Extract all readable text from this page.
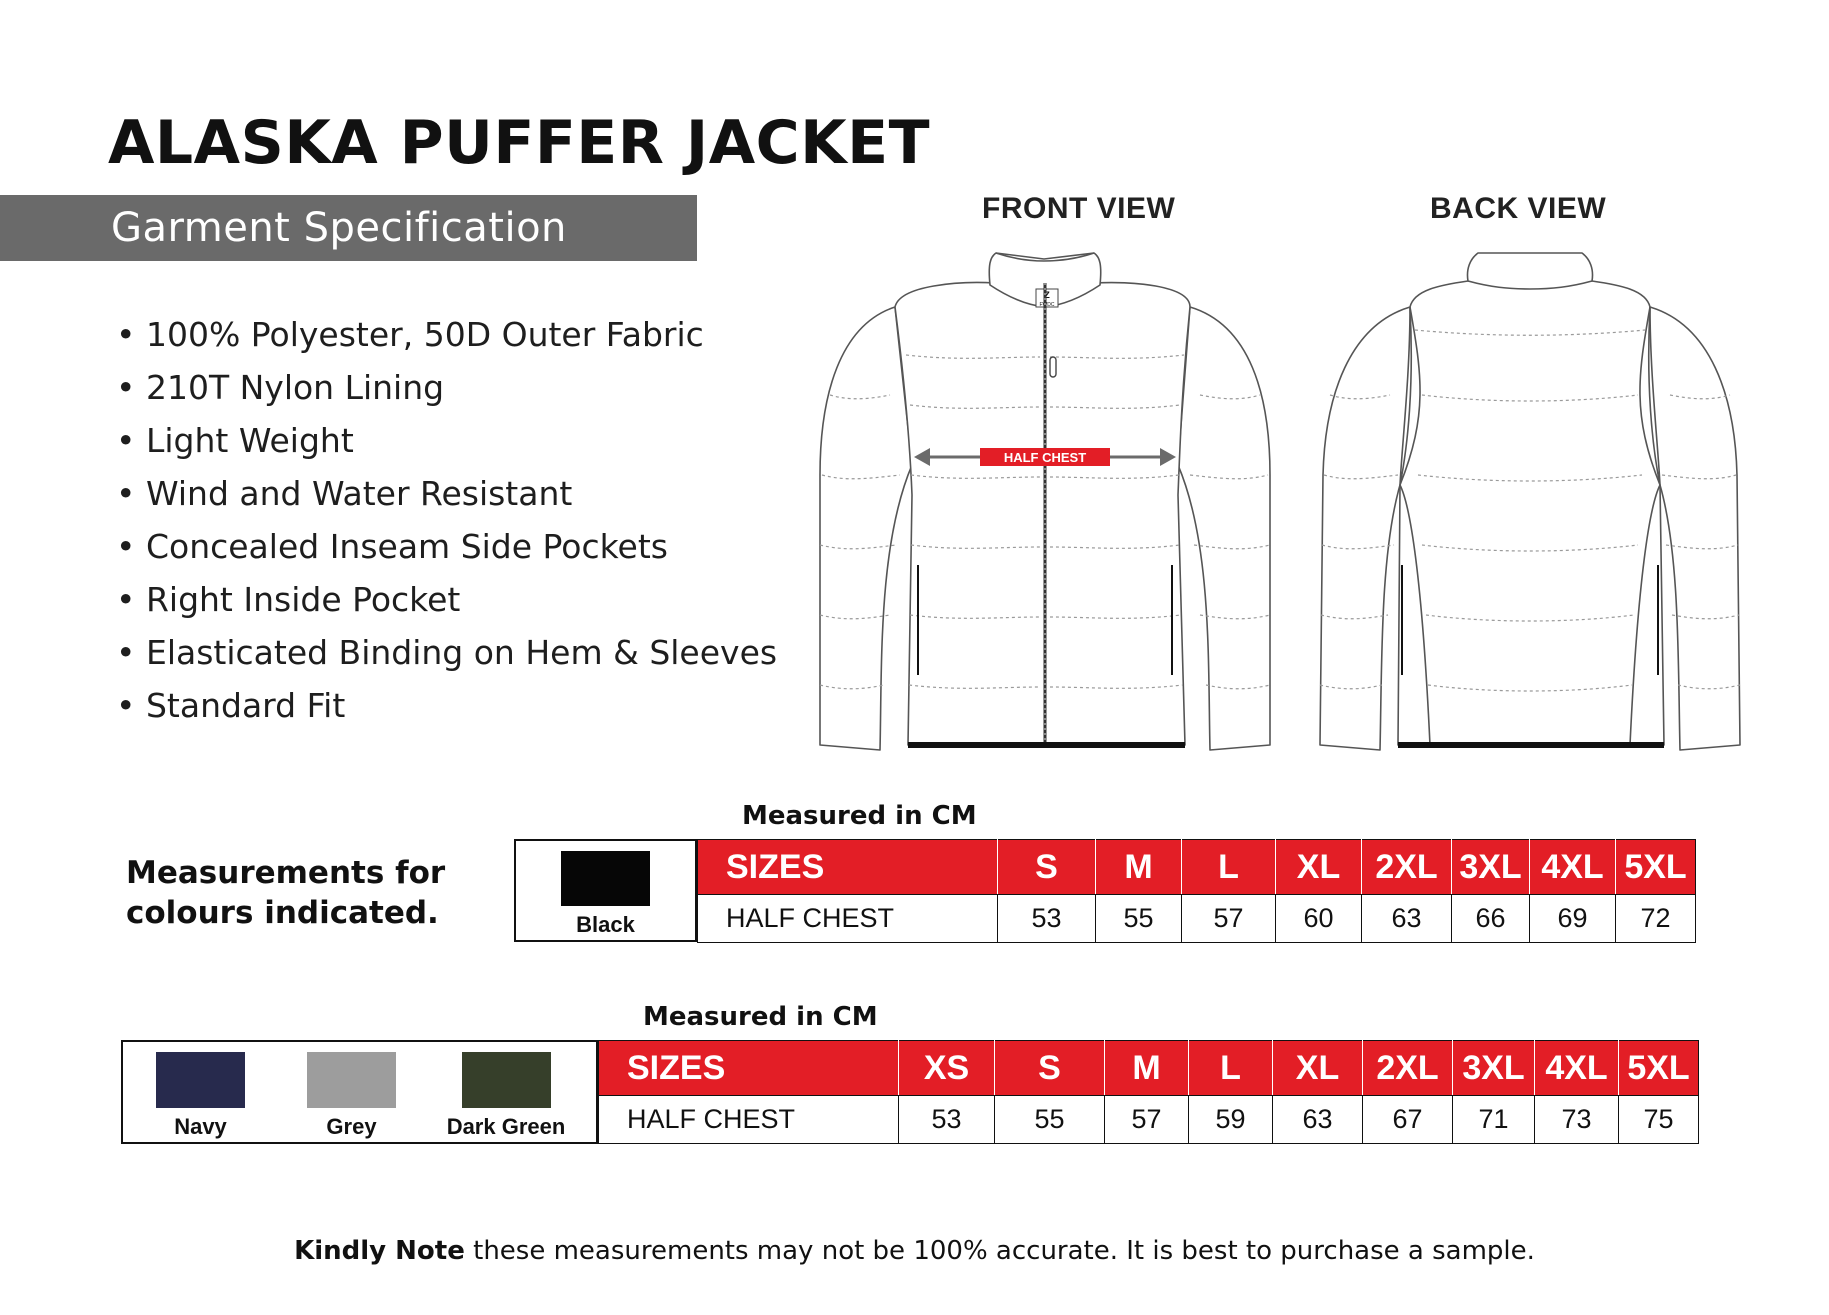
ALASKA PUFFER JACKET
Garment Specification
• 100% Polyester, 50D Outer Fabric
• 210T Nylon Lining
• Light Weight
• Wind and Water Resistant
• Concealed Inseam Side Pockets
• Right Inside Pocket
• Elasticated Binding on Hem & Sleeves
• Standard Fit
FRONT VIEW	BACK VIEW
Z
FWDC
HALF CHEST
Measurements for
colours indicated.
Measured in CM
Black
SIZES	S	M	L	XL	2XL	3XL	4XL	5XL
HALF CHEST	53	55	57	60	63	66	69	72
Measured in CM
Navy	Grey	Dark Green
SIZES	XS	S	M	L	XL	2XL	3XL	4XL	5XL
HALF CHEST	53	55	57	59	63	67	71	73	75
Kindly Note these measurements may not be 100% accurate. It is best to purchase a sample.
